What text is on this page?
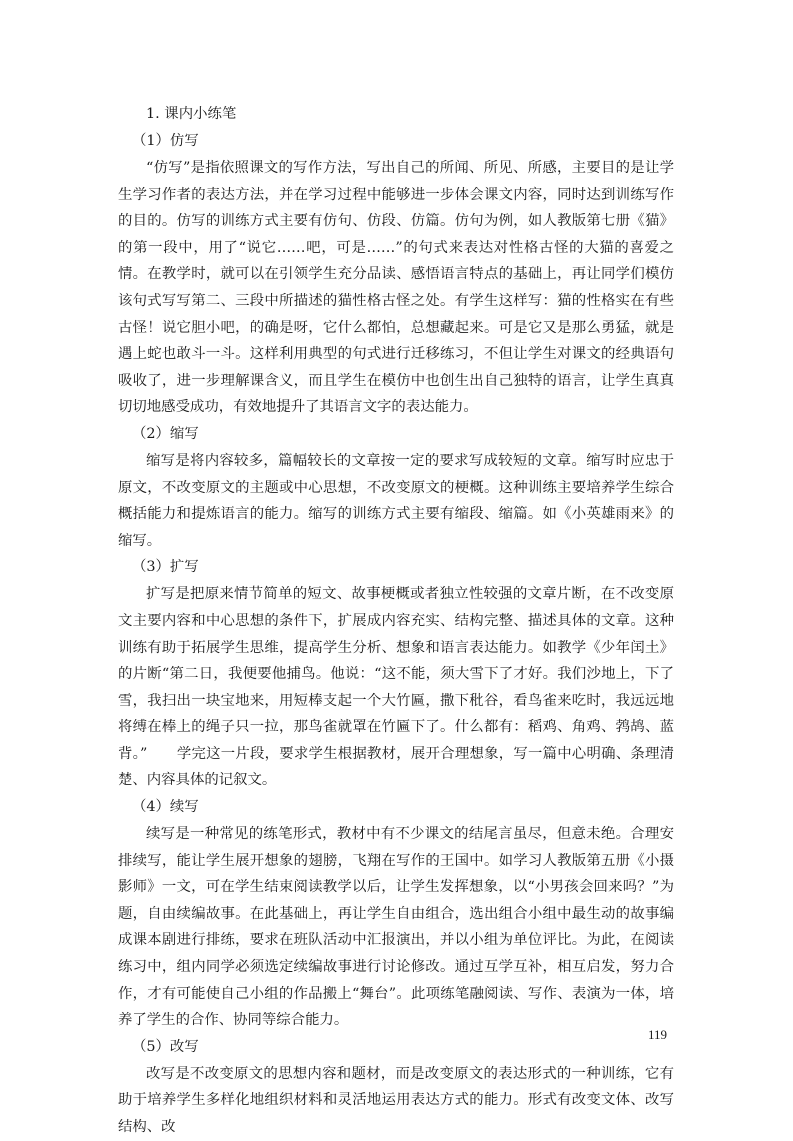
1. 课内小练笔
（1）仿写

“仿写”是指依照课文的写作方法，写出自己的所闻、所见、所感，主要目的是让学生学习作者的表达方法，并在学习过程中能够进一步体会课文内容，同时达到训练写作的目的。仿写的训练方式主要有仿句、仿段、仿篇。仿句为例，如人教版第七册《猫》的第一段中，用了“说它……吧，可是……”的句式来表达对性格古怪的大猫的喜爱之情。在教学时，就可以在引领学生充分品读、感悟语言特点的基础上，再让同学们模仿该句式写写第二、三段中所描述的猫性格古怪之处。有学生这样写：猫的性格实在有些古怪！说它胆小吧，的确是呀，它什么都怕，总想藏起来。可是它又是那么勇猛，就是遇上蛇也敢斗一斗。这样利用典型的句式进行迁移练习，不但让学生对课文的经典语句吸收了，进一步理解课含义，而且学生在模仿中也创生出自己独特的语言，让学生真真切切地感受成功，有效地提升了其语言文字的表达能力。

（2）缩写

缩写是将内容较多，篇幅较长的文章按一定的要求写成较短的文章。缩写时应忠于原文，不改变原文的主题或中心思想，不改变原文的梗概。这种训练主要培养学生综合概括能力和提炼语言的能力。缩写的训练方式主要有缩段、缩篇。如《小英雄雨来》的缩写。

（3）扩写

扩写是把原来情节简单的短文、故事梗概或者独立性较强的文章片断，在不改变原文主要内容和中心思想的条件下，扩展成内容充实、结构完整、描述具体的文章。这种训练有助于拓展学生思维，提高学生分析、想象和语言表达能力。如教学《少年闰土》的片断“第二日，我便要他捕鸟。他说：“这不能，须大雪下了才好。我们沙地上，下了雪，我扫出一块宝地来，用短棒支起一个大竹匾，撒下秕谷，看鸟雀来吃时，我远远地将缚在棒上的绳子只一拉，那鸟雀就罩在竹匾下了。什么都有：稻鸡、角鸡、鹁鸪、蓝背。”　　学完这一片段，要求学生根据教材，展开合理想象，写一篇中心明确、条理清楚、内容具体的记叙文。

（4）续写

续写是一种常见的练笔形式，教材中有不少课文的结尾言虽尽，但意未绝。合理安排续写，能让学生展开想象的翅膀，飞翔在写作的王国中。如学习人教版第五册《小摄影师》一文，可在学生结束阅读教学以后，让学生发挥想象，以“小男孩会回来吗？”为题，自由续编故事。在此基础上，再让学生自由组合，选出组合小组中最生动的故事编成课本剧进行排练，要求在班队活动中汇报演出，并以小组为单位评比。为此，在阅读练习中，组内同学必须选定续编故事进行讨论修改。通过互学互补，相互启发，努力合作，才有可能使自己小组的作品搬上“舞台”。此项练笔融阅读、写作、表演为一体，培养了学生的合作、协同等综合能力。

（5）改写

改写是不改变原文的思想内容和题材，而是改变原文的表达形式的一种训练，它有助于培养学生多样化地组织材料和灵活地运用表达方式的能力。形式有改变文体、改写结构、改

119
